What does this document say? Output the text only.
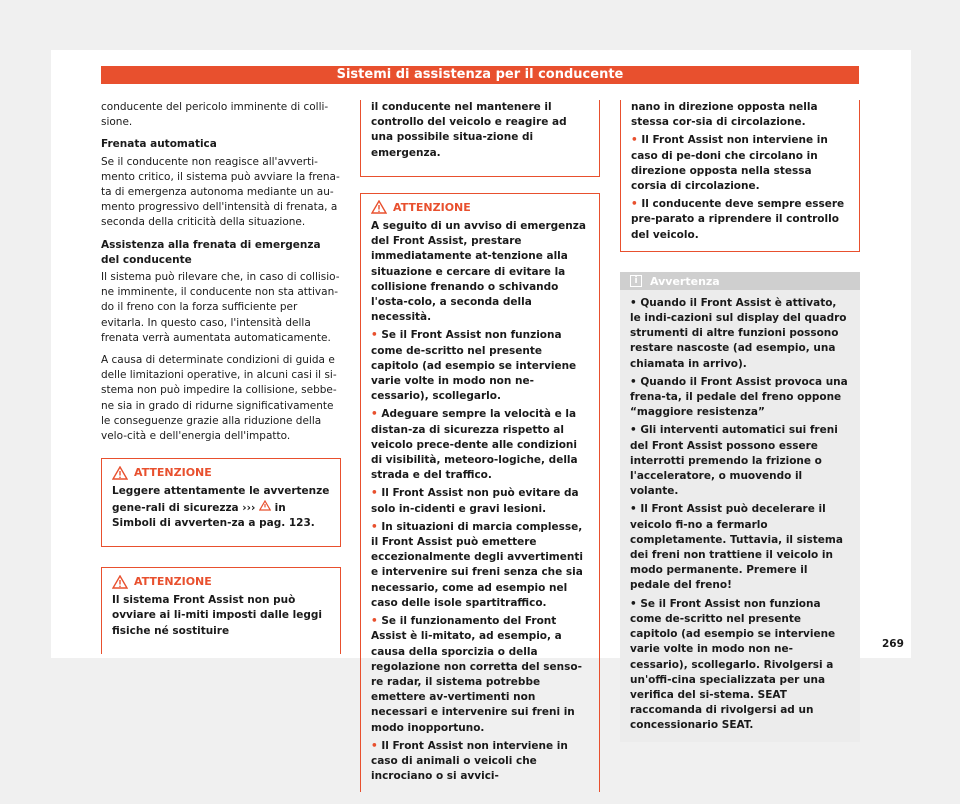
Sistemi di assistenza per il conducente

conducente del pericolo imminente di colli-sione.

Frenata automatica

Se il conducente non reagisce all'avverti-mento critico, il sistema può avviare la frena-ta di emergenza autonoma mediante un au-mento progressivo dell'intensità di frenata, a seconda della criticità della situazione.

Assistenza alla frenata di emergenza del conducente

Il sistema può rilevare che, in caso di collisio-ne imminente, il conducente non sta attivan-do il freno con la forza sufficiente per evitarla. In questo caso, l'intensità della frenata verrà aumentata automaticamente.

A causa di determinate condizioni di guida e delle limitazioni operative, in alcuni casi il si-stema non può impedire la collisione, sebbe-ne sia in grado di ridurne significativamente le conseguenze grazie alla riduzione della velo-cità e dell'energia dell'impatto.

ATTENZIONE

Leggere attentamente le avvertenze gene-rali di sicurezza ›››  in Simboli di avverten-za a pag. 123.

ATTENZIONE

Il sistema Front Assist non può ovviare ai li-miti imposti dalle leggi fisiche né sostituire

il conducente nel mantenere il controllo del veicolo e reagire ad una possibile situa-zione di emergenza.

ATTENZIONE

A seguito di un avviso di emergenza del Front Assist, prestare immediatamente at-tenzione alla situazione e cercare di evitare la collisione frenando o schivando l'osta-colo, a seconda della necessità.

• Se il Front Assist non funziona come de-scritto nel presente capitolo (ad esempio se interviene varie volte in modo non ne-cessario), scollegarlo.

• Adeguare sempre la velocità e la distan-za di sicurezza rispetto al veicolo prece-dente alle condizioni di visibilità, meteoro-logiche, della strada e del traffico.

• Il Front Assist non può evitare da solo in-cidenti e gravi lesioni.

• In situazioni di marcia complesse, il Front Assist può emettere eccezionalmente degli avvertimenti e intervenire sui freni senza che sia necessario, come ad esempio nel caso delle isole spartitraffico.

• Se il funzionamento del Front Assist è li-mitato, ad esempio, a causa della sporcizia o della regolazione non corretta del senso-re radar, il sistema potrebbe emettere av-vertimenti non necessari e intervenire sui freni in modo inopportuno.

• Il Front Assist non interviene in caso di animali o veicoli che incrociano o si avvici-

nano in direzione opposta nella stessa cor-sia di circolazione.

• Il Front Assist non interviene in caso di pe-doni che circolano in direzione opposta nella stessa corsia di circolazione.

• Il conducente deve sempre essere pre-parato a riprendere il controllo del veicolo.

i	Avvertenza

• Quando il Front Assist è attivato, le indi-cazioni sul display del quadro strumenti di altre funzioni possono restare nascoste (ad esempio, una chiamata in arrivo).

• Quando il Front Assist provoca una frena-ta, il pedale del freno oppone “maggiore resistenza”

• Gli interventi automatici sui freni del Front Assist possono essere interrotti premendo la frizione o l'acceleratore, o muovendo il volante.

• Il Front Assist può decelerare il veicolo fi-no a fermarlo completamente. Tuttavia, il sistema dei freni non trattiene il veicolo in modo permanente. Premere il pedale del freno!

• Se il Front Assist non funziona come de-scritto nel presente capitolo (ad esempio se interviene varie volte in modo non ne-cessario), scollegarlo. Rivolgersi a un'offi-cina specializzata per una verifica del si-stema. SEAT raccomanda di rivolgersi ad un concessionario SEAT.

269
